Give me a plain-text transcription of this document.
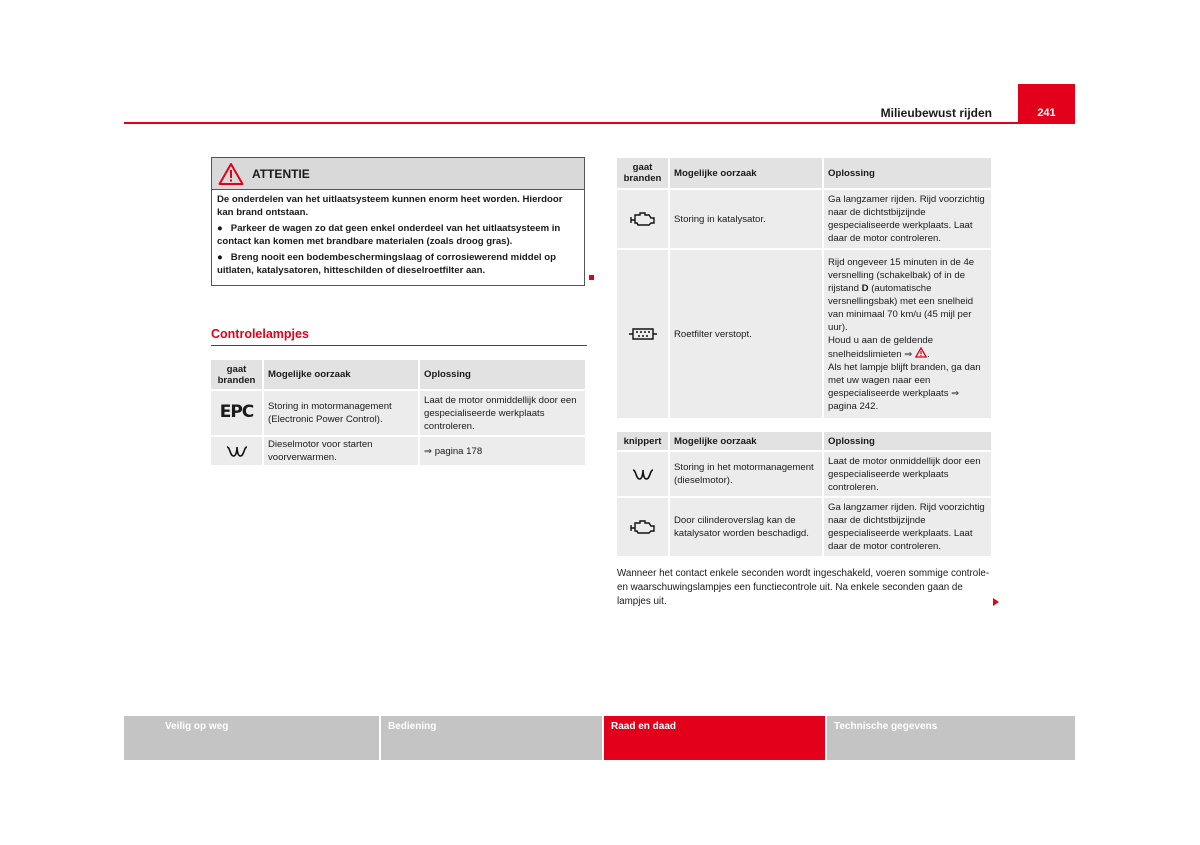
Milieubewust rijden	241
ATTENTIE

De onderdelen van het uitlaatsysteem kunnen enorm heet worden. Hierdoor kan brand ontstaan.

● Parkeer de wagen zo dat geen enkel onderdeel van het uitlaatsysteem in contact kan komen met brandbare materialen (zoals droog gras).

● Breng nooit een bodembeschermingslaag of corrosiewerend middel op uitlaten, katalysatoren, hitteschilden of dieselroetfilter aan.

Controlelampjes
gaat branden	Mogelijke oorzaak	Oplossing
EPC	Storing in motormanagement (Electronic Power Control).	Laat de motor onmiddellijk door een gespecialiseerde werkplaats controleren.
	Dieselmotor voor starten voorverwarmen.	⇒ pagina 178
gaat branden	Mogelijke oorzaak	Oplossing
	Storing in katalysator.	Ga langzamer rijden. Rijd voorzichtig naar de dichtstbijzijnde gespecialiseerde werkplaats. Laat daar de motor controleren.
	Roetfilter verstopt.	Rijd ongeveer 15 minuten in de 4e versnelling (schakelbak) of in de rijstand D (automatische versnellingsbak) met een snelheid van minimaal 70 km/u (45 mijl per uur).
Houd u aan de geldende snelheidslimieten ⇒ .
Als het lampje blijft branden, ga dan met uw wagen naar een gespecialiseerde werkplaats ⇒ pagina 242.
knippert	Mogelijke oorzaak	Oplossing
	Storing in het motormanagement (dieselmotor).	Laat de motor onmiddellijk door een gespecialiseerde werkplaats controleren.
	Door cilinderoverslag kan de katalysator worden beschadigd.	Ga langzamer rijden. Rijd voorzichtig naar de dichtstbijzijnde gespecialiseerde werkplaats. Laat daar de motor controleren.
Wanneer het contact enkele seconden wordt ingeschakeld, voeren sommige controle- en waarschuwingslampjes een functiecontrole uit. Na enkele seconden gaan de lampjes uit.
Veilig op weg	Bediening	Raad en daad	Technische gegevens
